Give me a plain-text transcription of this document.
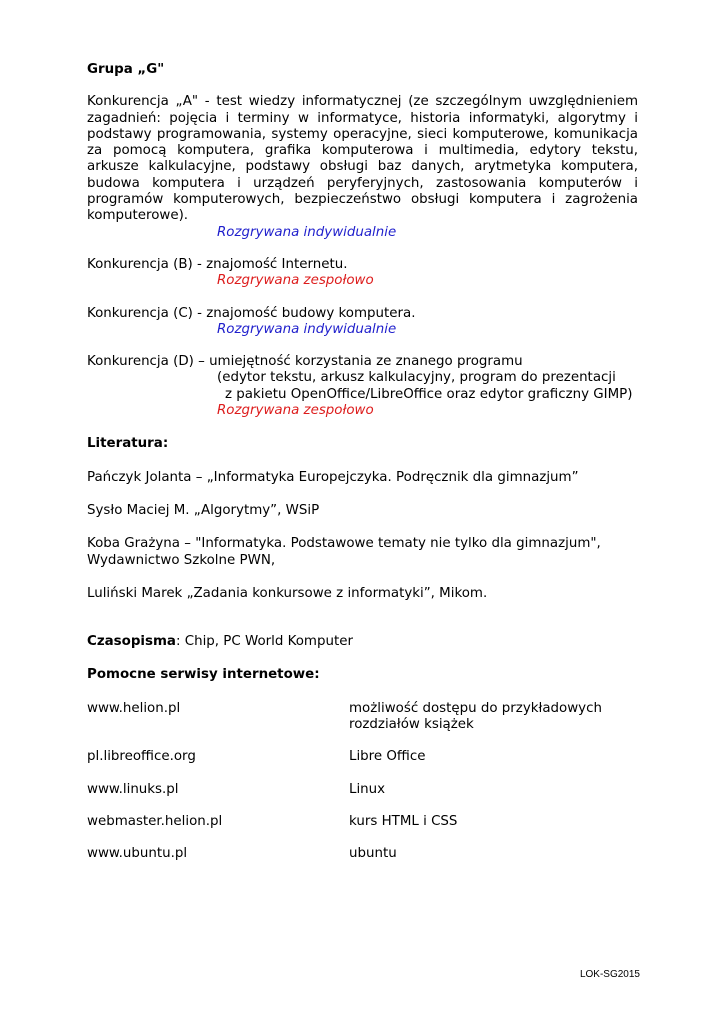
Grupa „G"

Konkurencja „A" - test wiedzy informatycznej (ze szczególnym uwzględnieniem zagadnień: pojęcia i terminy w informatyce, historia informatyki, algorytmy i podstawy programowania, systemy operacyjne, sieci komputerowe, komunikacja za pomocą komputera, grafika komputerowa i multimedia, edytory tekstu, arkusze kalkulacyjne, podstawy obsługi baz danych, arytmetyka komputera, budowa komputera i urządzeń peryferyjnych, zastosowania komputerów i programów komputerowych, bezpieczeństwo obsługi komputera i zagrożenia komputerowe).

Rozgrywana indywidualnie

Konkurencja (B) - znajomość Internetu.

Rozgrywana zespołowo

Konkurencja (C) - znajomość budowy komputera.

Rozgrywana indywidualnie

Konkurencja (D) – umiejętność korzystania ze znanego programu

(edytor tekstu, arkusz kalkulacyjny, program do prezentacji

z pakietu OpenOffice/LibreOffice oraz edytor graficzny GIMP)

Rozgrywana zespołowo

Literatura:

Pańczyk Jolanta – „Informatyka Europejczyka. Podręcznik dla gimnazjum”

Sysło Maciej M. „Algorytmy”, WSiP

Koba Grażyna – "Informatyka. Podstawowe tematy nie tylko dla gimnazjum", Wydawnictwo Szkolne PWN,

Luliński Marek „Zadania konkursowe z informatyki”, Mikom.

Czasopisma: Chip, PC World Komputer

Pomocne serwisy internetowe:

www.helion.pl	możliwość dostępu do przykładowych rozdziałów książek
pl.libreoffice.org	Libre Office
www.linuks.pl	Linux
webmaster.helion.pl	kurs HTML i CSS
www.ubuntu.pl	ubuntu
LOK-SG2015
